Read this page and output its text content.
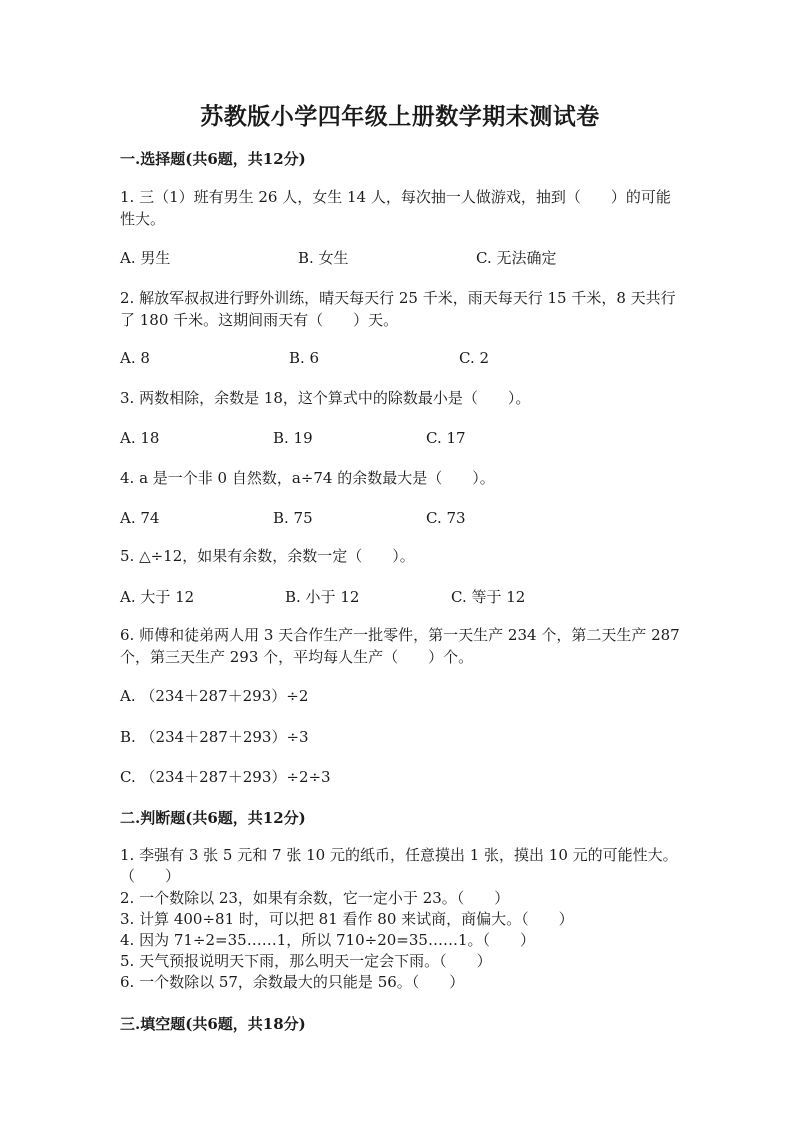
苏教版小学四年级上册数学期末测试卷
一.选择题(共6题，共12分)
1. 三（1）班有男生 26 人，女生 14 人，每次抽一人做游戏，抽到（　　）的可能性大。
A. 男生	B. 女生	C. 无法确定
2. 解放军叔叔进行野外训练，晴天每天行 25 千米，雨天每天行 15 千米，8 天共行了 180 千米。这期间雨天有（　　）天。
A. 8	B. 6	C. 2
3. 两数相除，余数是 18，这个算式中的除数最小是（　　）。
A. 18	B. 19	C. 17
4. a 是一个非 0 自然数，a÷74 的余数最大是（　　）。
A. 74	B. 75	C. 73
5. △÷12，如果有余数，余数一定（　　）。
A. 大于 12	B. 小于 12	C. 等于 12
6. 师傅和徒弟两人用 3 天合作生产一批零件，第一天生产 234 个，第二天生产 287 个，第三天生产 293 个，平均每人生产（　　）个。
A. （234＋287＋293）÷2
B. （234＋287＋293）÷3
C. （234＋287＋293）÷2÷3
二.判断题(共6题，共12分)
1. 李强有 3 张 5 元和 7 张 10 元的纸币，任意摸出 1 张，摸出 10 元的可能性大。　　（　　）
2. 一个数除以 23，如果有余数，它一定小于 23。（　　）
3. 计算 400÷81 时，可以把 81 看作 80 来试商，商偏大。（　　）
4. 因为 71÷2=35……1，所以 710÷20=35……1。（　　）
5. 天气预报说明天下雨，那么明天一定会下雨。（　　）
6. 一个数除以 57，余数最大的只能是 56。（　　）
三.填空题(共6题，共18分)
